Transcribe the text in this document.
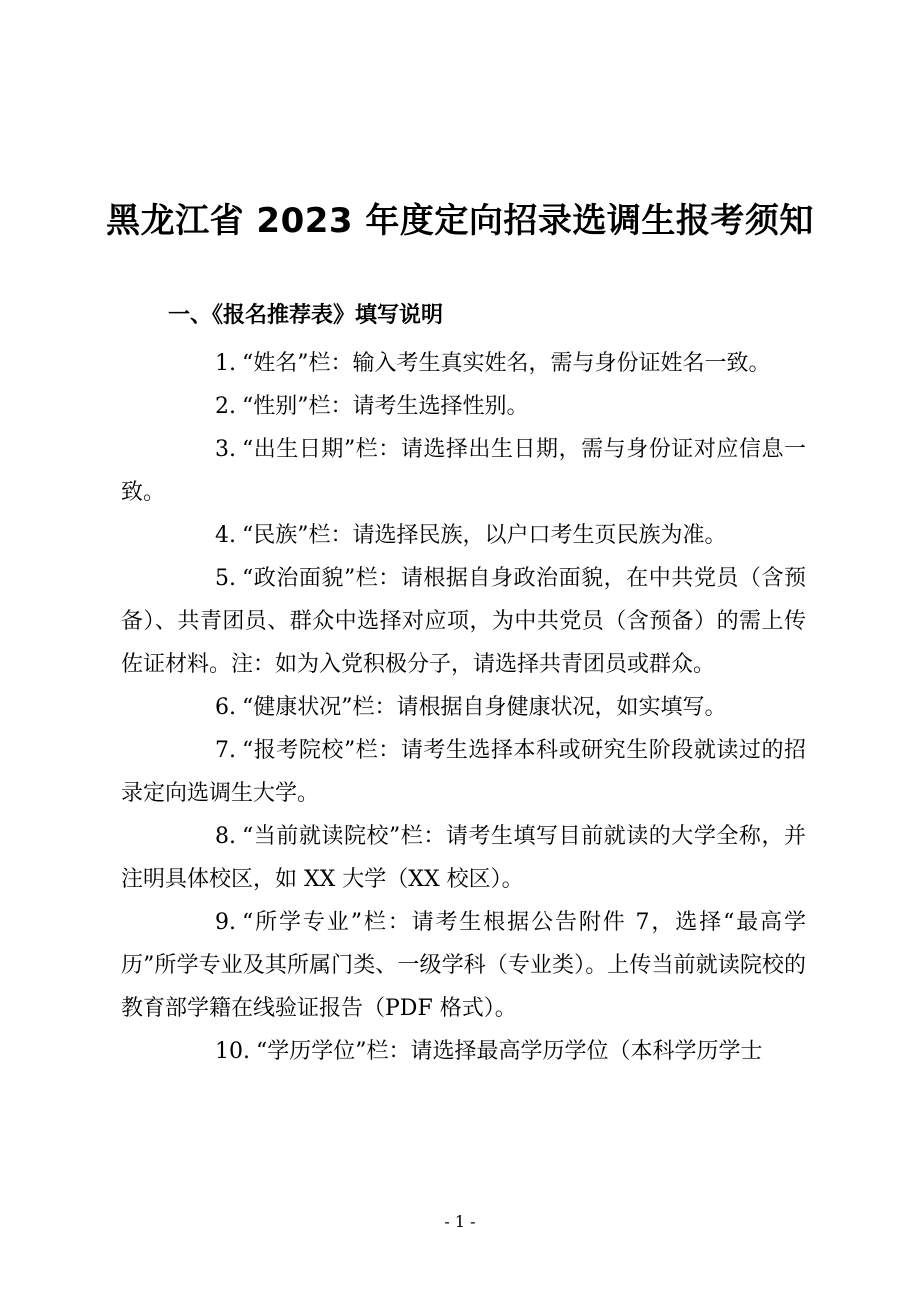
黑龙江省 2023 年度定向招录选调生报考须知
一、《报名推荐表》填写说明

1. “姓名”栏：输入考生真实姓名，需与身份证姓名一致。

2. “性别”栏：请考生选择性别。

3. “出生日期”栏：请选择出生日期，需与身份证对应信息一致。

4. “民族”栏：请选择民族，以户口考生页民族为准。

5. “政治面貌”栏：请根据自身政治面貌，在中共党员（含预备）、共青团员、群众中选择对应项，为中共党员（含预备）的需上传佐证材料。注：如为入党积极分子，请选择共青团员或群众。

6. “健康状况”栏：请根据自身健康状况，如实填写。

7. “报考院校”栏：请考生选择本科或研究生阶段就读过的招录定向选调生大学。

8. “当前就读院校”栏：请考生填写目前就读的大学全称，并注明具体校区，如 XX 大学（XX 校区）。

9. “所学专业”栏：请考生根据公告附件 7，选择“最高学历”所学专业及其所属门类、一级学科（专业类）。上传当前就读院校的教育部学籍在线验证报告（PDF 格式）。

10. “学历学位”栏：请选择最高学历学位（本科学历学士

- 1 -
